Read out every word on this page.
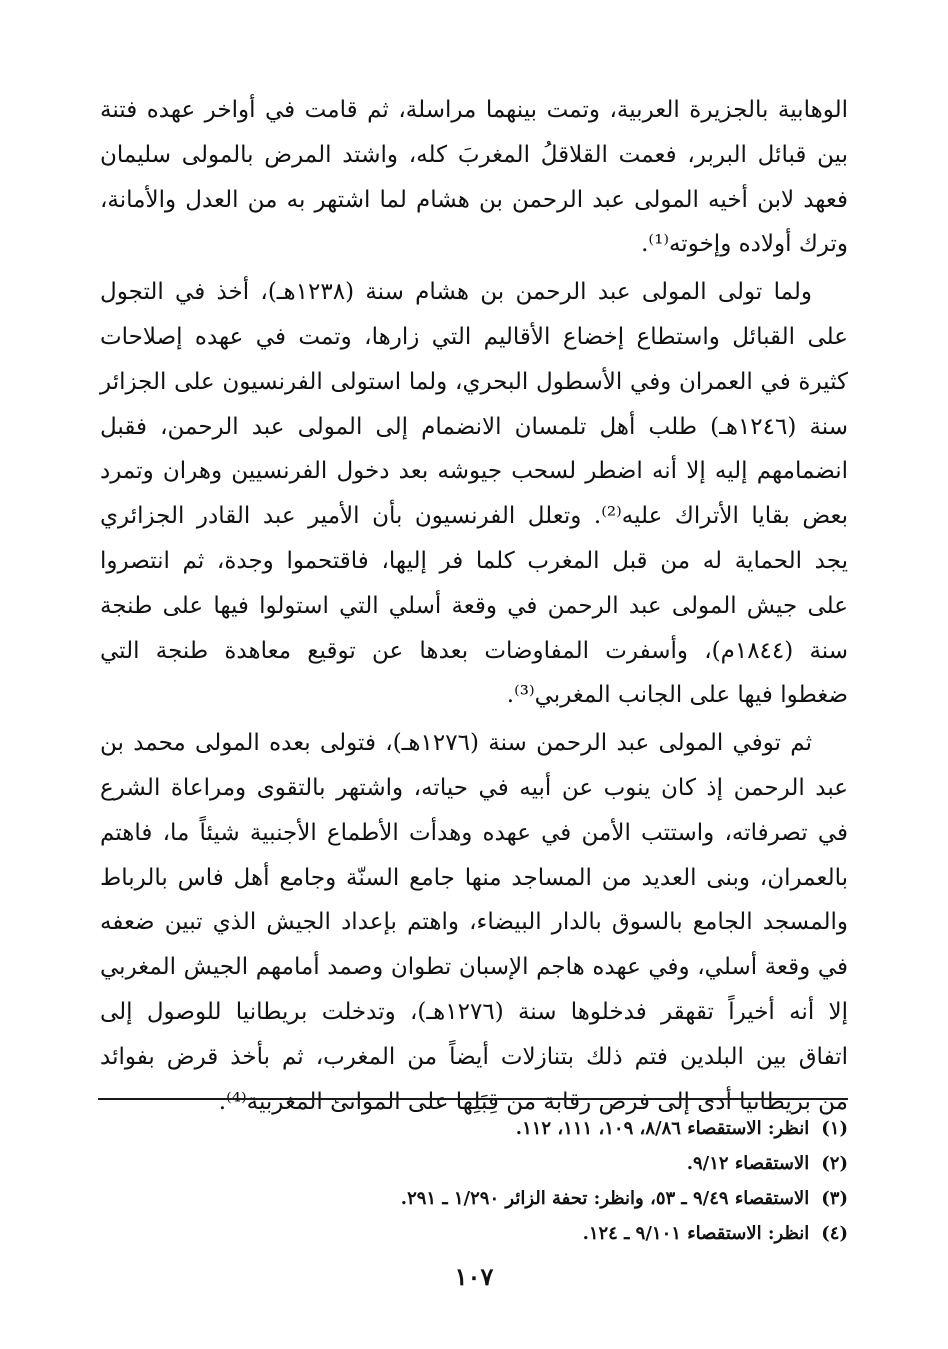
الوهابية بالجزيرة العربية، وتمت بينهما مراسلة، ثم قامت في أواخر عهده فتنة
بين قبائل البربر، فعمت القلاقلُ المغربَ كله، واشتد المرض بالمولى سليمان
فعهد لابن أخيه المولى عبد الرحمن بن هشام لما اشتهر به من العدل والأمانة،
وترك أولاده وإخوته⁽¹⁾.
ولما تولى المولى عبد الرحمن بن هشام سنة (١٢٣٨هـ)، أخذ في التجول
على القبائل واستطاع إخضاع الأقاليم التي زارها، وتمت في عهده إصلاحات
كثيرة في العمران وفي الأسطول البحري، ولما استولى الفرنسيون على الجزائر
سنة (١٢٤٦هـ) طلب أهل تلمسان الانضمام إلى المولى عبد الرحمن، فقبل
انضمامهم إليه إلا أنه اضطر لسحب جيوشه بعد دخول الفرنسيين وهران وتمرد
بعض بقايا الأتراك عليه⁽²⁾. وتعلل الفرنسيون بأن الأمير عبد القادر الجزائري
يجد الحماية له من قبل المغرب كلما فر إليها، فاقتحموا وجدة، ثم انتصروا
على جيش المولى عبد الرحمن في وقعة أسلي التي استولوا فيها على طنجة
سنة (١٨٤٤م)، وأسفرت المفاوضات بعدها عن توقيع معاهدة طنجة التي
ضغطوا فيها على الجانب المغربي⁽³⁾.
ثم توفي المولى عبد الرحمن سنة (١٢٧٦هـ)، فتولى بعده المولى محمد بن
عبد الرحمن إذ كان ينوب عن أبيه في حياته، واشتهر بالتقوى ومراعاة الشرع
في تصرفاته، واستتب الأمن في عهده وهدأت الأطماع الأجنبية شيئاً ما، فاهتم
بالعمران، وبنى العديد من المساجد منها جامع السنّة وجامع أهل فاس بالرباط
والمسجد الجامع بالسوق بالدار البيضاء، واهتم بإعداد الجيش الذي تبين ضعفه
في وقعة أسلي، وفي عهده هاجم الإسبان تطوان وصمد أمامهم الجيش المغربي
إلا أنه أخيراً تقهقر فدخلوها سنة (١٢٧٦هـ)، وتدخلت بريطانيا للوصول إلى
اتفاق بين البلدين فتم ذلك بتنازلات أيضاً من المغرب، ثم بأخذ قرض بفوائد
من بريطانيا أدى إلى فرض رقابة من قِبَلِها على الموانئ المغربية⁽⁴⁾.
(١)انظر: الاستقصاء ٨/٨٦، ١٠٩، ١١١، ١١٢.
(٢)الاستقصاء ٩/١٢.
(٣)الاستقصاء ٩/٤٩ ـ ٥٣، وانظر: تحفة الزائر ١/٢٩٠ ـ ٢٩١.
(٤)انظر: الاستقصاء ٩/١٠١ ـ ١٢٤.
١٠٧
